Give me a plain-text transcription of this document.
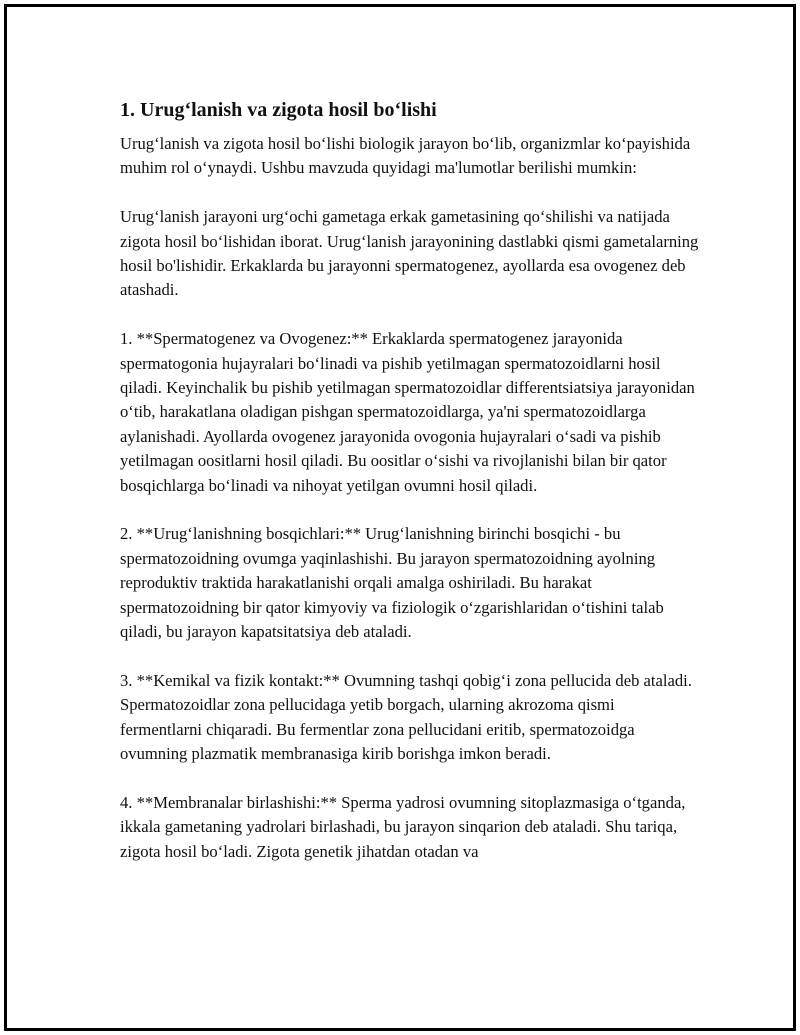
1. Urug‘lanish va zigota hosil bo‘lishi

Urug‘lanish va zigota hosil bo‘lishi biologik jarayon bo‘lib, organizmlar ko‘payishida muhim rol o‘ynaydi. Ushbu mavzuda quyidagi ma'lumotlar berilishi mumkin:

Urug‘lanish jarayoni urg‘ochi gametaga erkak gametasining qo‘shilishi va natijada zigota hosil bo‘lishidan iborat. Urug‘lanish jarayonining dastlabki qismi gametalarning hosil bo'lishidir. Erkaklarda bu jarayonni spermatogenez, ayollarda esa ovogenez deb atashadi.

1. **Spermatogenez va Ovogenez:** Erkaklarda spermatogenez jarayonida spermatogonia hujayralari bo‘linadi va pishib yetilmagan spermatozoidlarni hosil qiladi. Keyinchalik bu pishib yetilmagan spermatozoidlar differentsiatsiya jarayonidan o‘tib, harakatlana oladigan pishgan spermatozoidlarga, ya'ni spermatozoidlarga aylanishadi. Ayollarda ovogenez jarayonida ovogonia hujayralari o‘sadi va pishib yetilmagan oositlarni hosil qiladi. Bu oositlar o‘sishi va rivojlanishi bilan bir qator bosqichlarga bo‘linadi va nihoyat yetilgan ovumni hosil qiladi.

2. **Urug‘lanishning bosqichlari:** Urug‘lanishning birinchi bosqichi - bu spermatozoidning ovumga yaqinlashishi. Bu jarayon spermatozoidning ayolning reproduktiv traktida harakatlanishi orqali amalga oshiriladi. Bu harakat spermatozoidning bir qator kimyoviy va fiziologik o‘zgarishlaridan o‘tishini talab qiladi, bu jarayon kapatsitatsiya deb ataladi.

3. **Kemikal va fizik kontakt:** Ovumning tashqi qobig‘i zona pellucida deb ataladi. Spermatozoidlar zona pellucidaga yetib borgach, ularning akrozoma qismi fermentlarni chiqaradi. Bu fermentlar zona pellucidani eritib, spermatozoidga ovumning plazmatik membranasiga kirib borishga imkon beradi.

4. **Membranalar birlashishi:** Sperma yadrosi ovumning sitoplazmasiga o‘tganda, ikkala gametaning yadrolari birlashadi, bu jarayon sinqarion deb ataladi. Shu tariqa, zigota hosil bo‘ladi. Zigota genetik jihatdan otadan va
